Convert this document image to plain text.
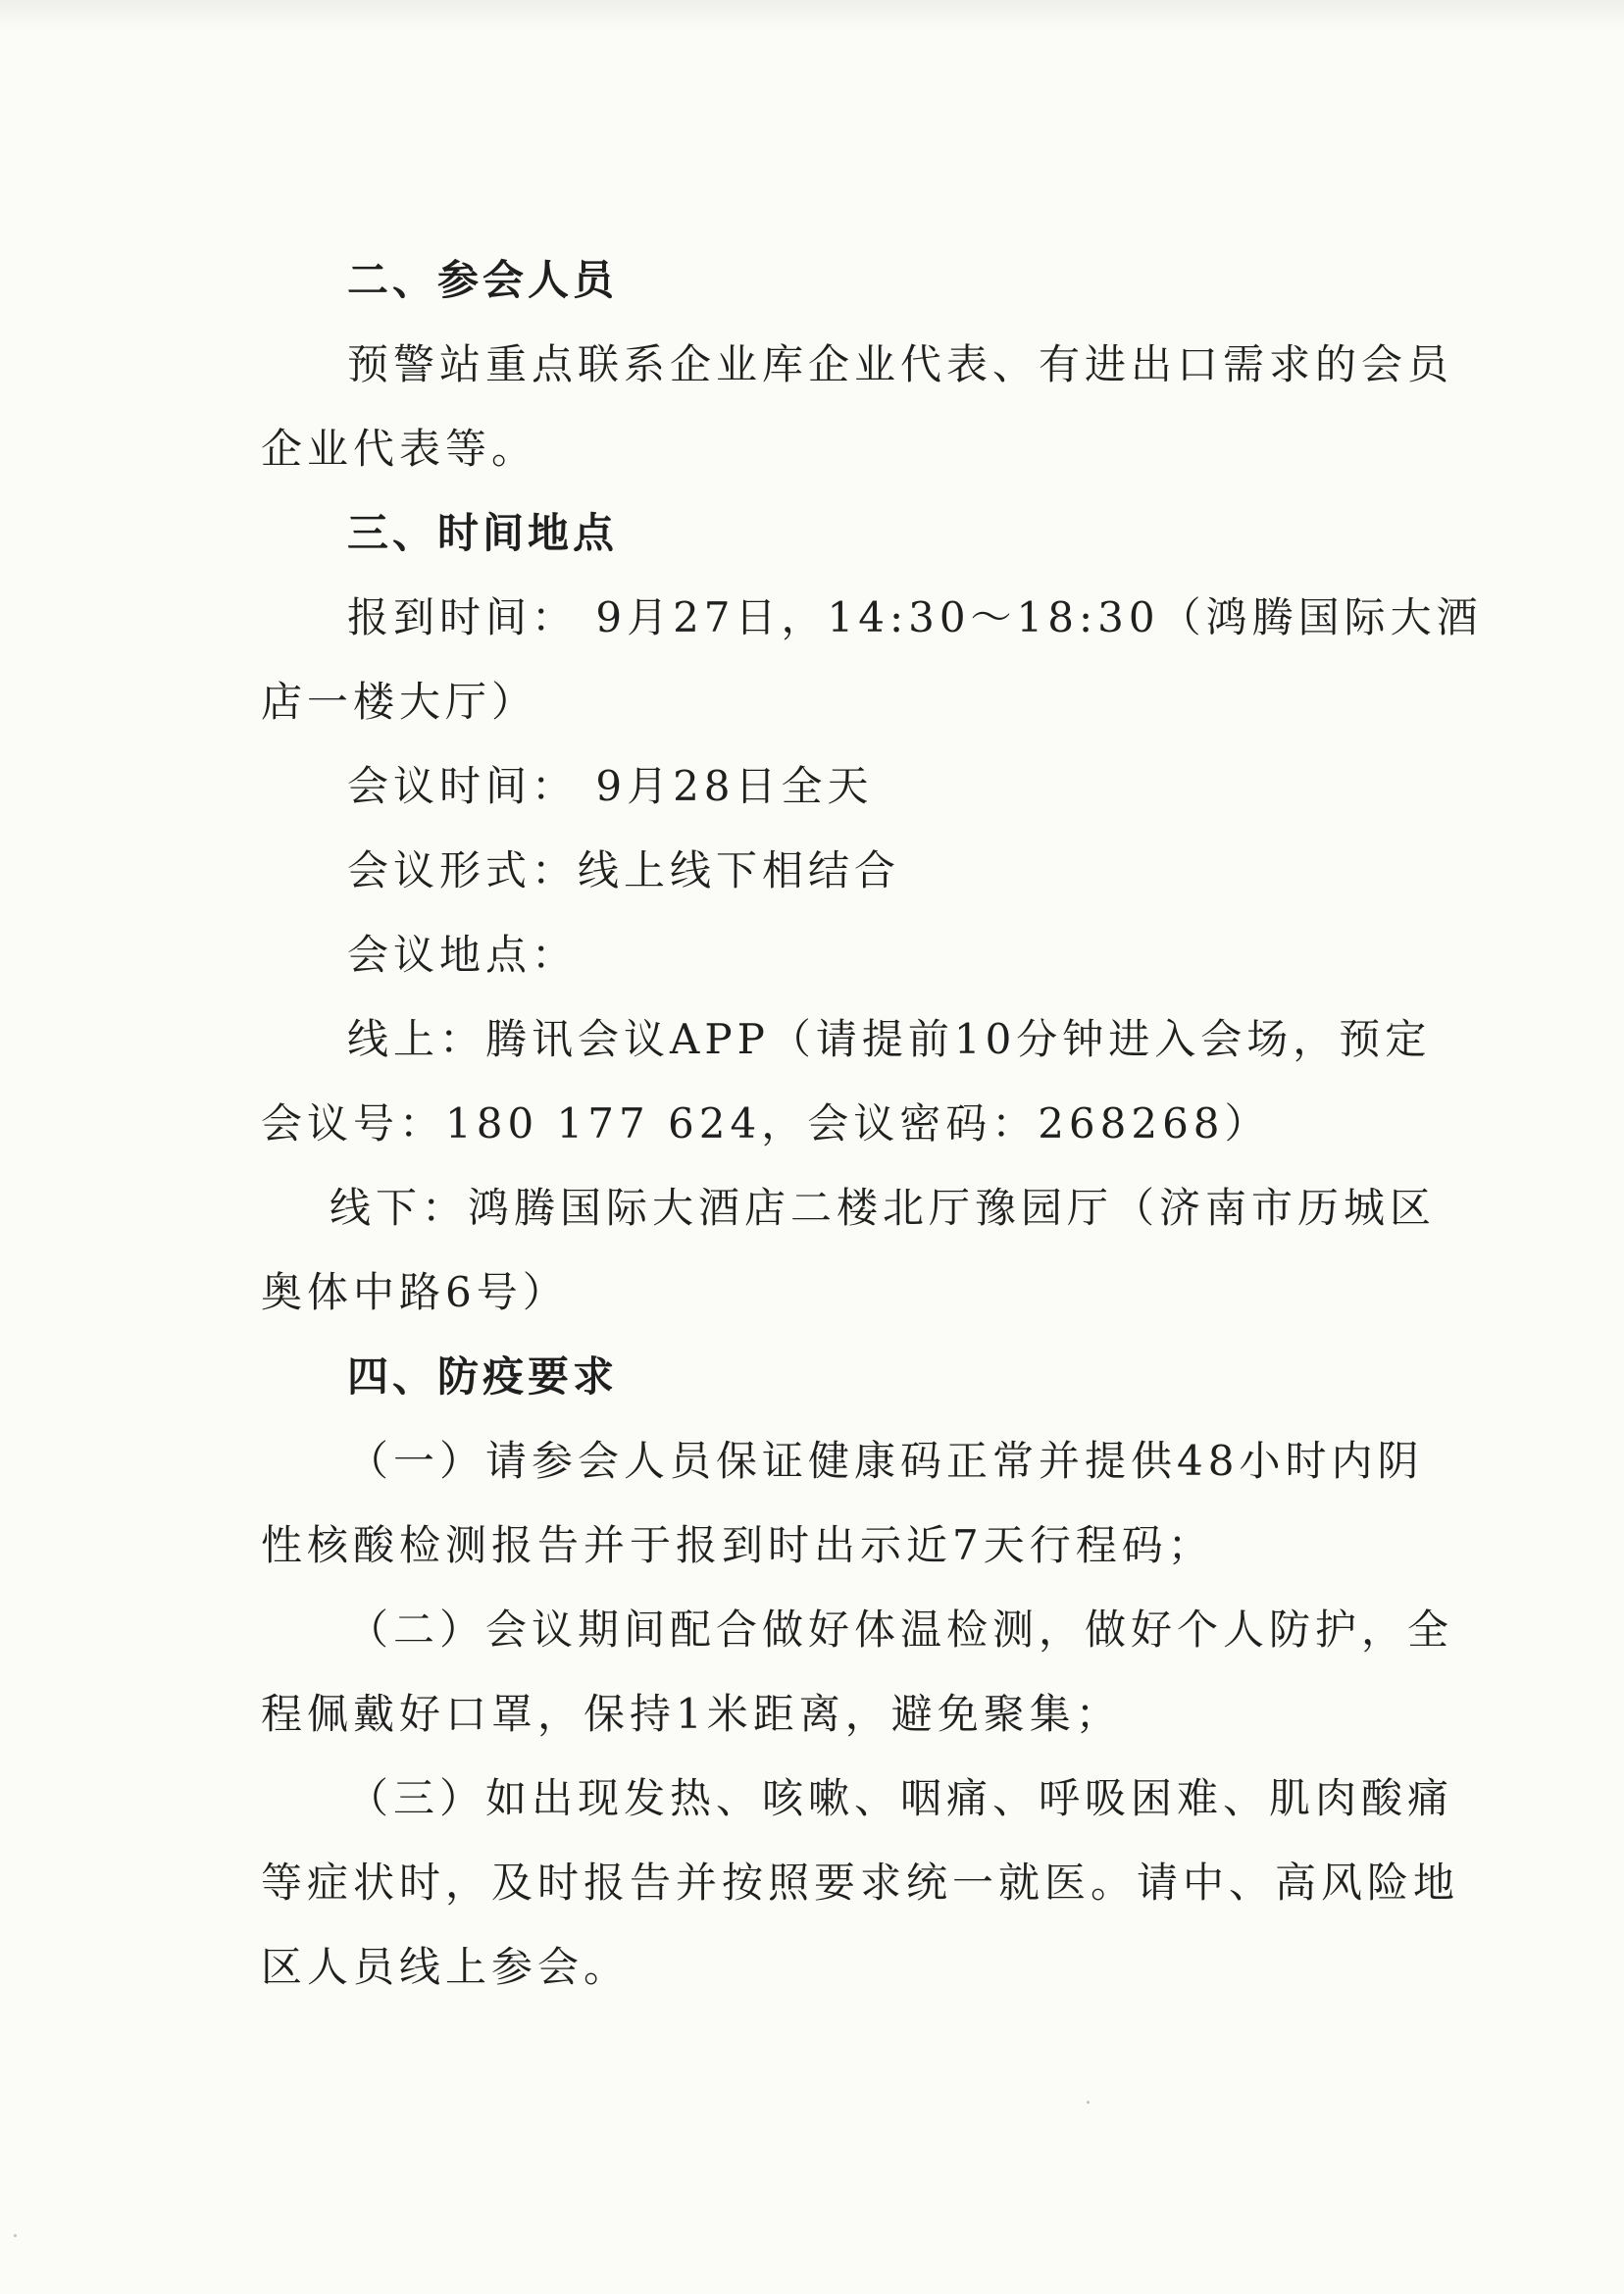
二、参会人员
预警站重点联系企业库企业代表、有进出口需求的会员
企业代表等。
三、时间地点
报到时间： 9月27日，14:30～18:30（鸿腾国际大酒
店一楼大厅）
会议时间： 9月28日全天
会议形式：线上线下相结合
会议地点：
线上：腾讯会议APP（请提前10分钟进入会场，预定
会议号：180 177 624，会议密码：268268）
线下：鸿腾国际大酒店二楼北厅豫园厅（济南市历城区
奥体中路6号）
四、防疫要求
（一）请参会人员保证健康码正常并提供48小时内阴
性核酸检测报告并于报到时出示近7天行程码；
（二）会议期间配合做好体温检测，做好个人防护，全
程佩戴好口罩，保持1米距离，避免聚集；
（三）如出现发热、咳嗽、咽痛、呼吸困难、肌肉酸痛
等症状时，及时报告并按照要求统一就医。请中、高风险地
区人员线上参会。
